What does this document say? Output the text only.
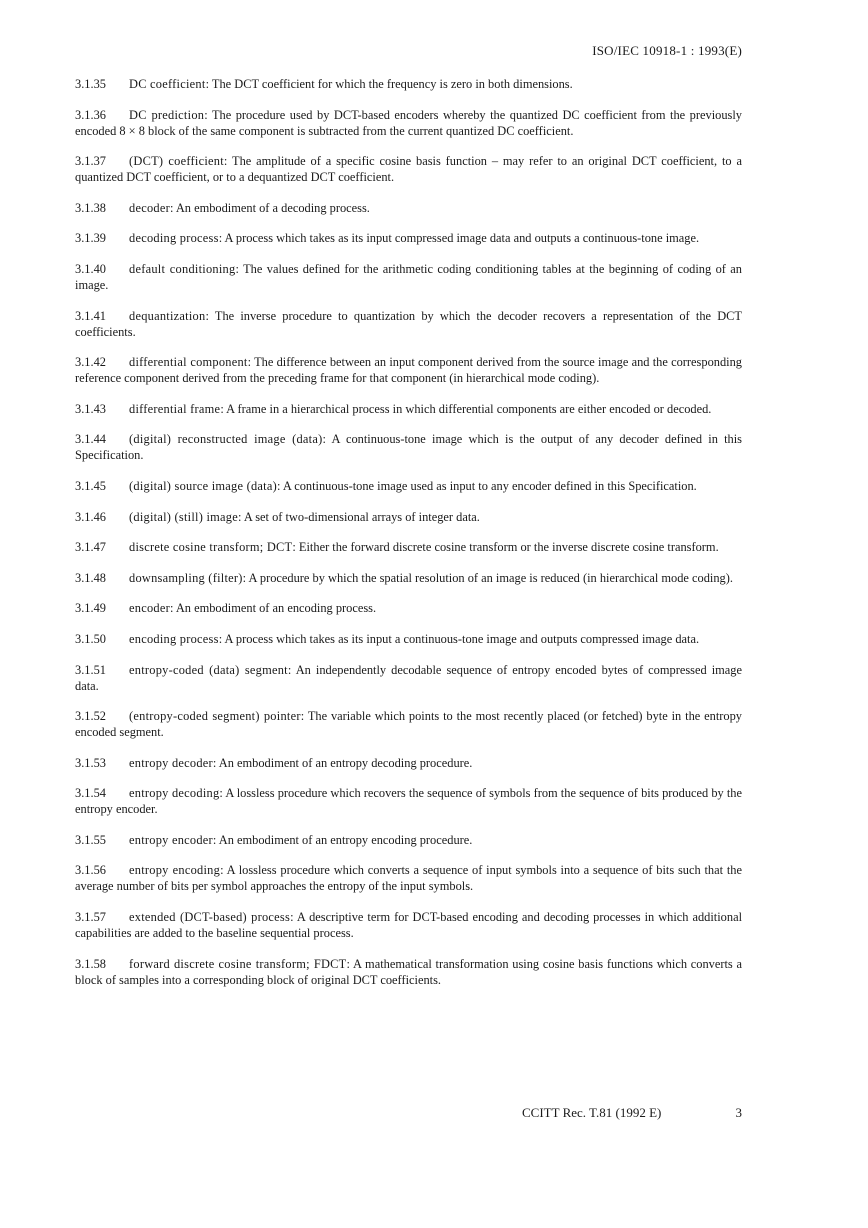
ISO/IEC 10918-1 : 1993(E)

3.1.35 DC coefficient: The DCT coefficient for which the frequency is zero in both dimensions.

3.1.36 DC prediction: The procedure used by DCT-based encoders whereby the quantized DC coefficient from the previously encoded 8 × 8 block of the same component is subtracted from the current quantized DC coefficient.

3.1.37 (DCT) coefficient: The amplitude of a specific cosine basis function – may refer to an original DCT coefficient, to a quantized DCT coefficient, or to a dequantized DCT coefficient.

3.1.38 decoder: An embodiment of a decoding process.

3.1.39 decoding process: A process which takes as its input compressed image data and outputs a continuous-tone image.

3.1.40 default conditioning: The values defined for the arithmetic coding conditioning tables at the beginning of coding of an image.

3.1.41 dequantization: The inverse procedure to quantization by which the decoder recovers a representation of the DCT coefficients.

3.1.42 differential component: The difference between an input component derived from the source image and the corresponding reference component derived from the preceding frame for that component (in hierarchical mode coding).

3.1.43 differential frame: A frame in a hierarchical process in which differential components are either encoded or decoded.

3.1.44 (digital) reconstructed image (data): A continuous-tone image which is the output of any decoder defined in this Specification.

3.1.45 (digital) source image (data): A continuous-tone image used as input to any encoder defined in this Specification.

3.1.46 (digital) (still) image: A set of two-dimensional arrays of integer data.

3.1.47 discrete cosine transform; DCT: Either the forward discrete cosine transform or the inverse discrete cosine transform.

3.1.48 downsampling (filter): A procedure by which the spatial resolution of an image is reduced (in hierarchical mode coding).

3.1.49 encoder: An embodiment of an encoding process.

3.1.50 encoding process: A process which takes as its input a continuous-tone image and outputs compressed image data.

3.1.51 entropy-coded (data) segment: An independently decodable sequence of entropy encoded bytes of compressed image data.

3.1.52 (entropy-coded segment) pointer: The variable which points to the most recently placed (or fetched) byte in the entropy encoded segment.

3.1.53 entropy decoder: An embodiment of an entropy decoding procedure.

3.1.54 entropy decoding: A lossless procedure which recovers the sequence of symbols from the sequence of bits produced by the entropy encoder.

3.1.55 entropy encoder: An embodiment of an entropy encoding procedure.

3.1.56 entropy encoding: A lossless procedure which converts a sequence of input symbols into a sequence of bits such that the average number of bits per symbol approaches the entropy of the input symbols.

3.1.57 extended (DCT-based) process: A descriptive term for DCT-based encoding and decoding processes in which additional capabilities are added to the baseline sequential process.

3.1.58 forward discrete cosine transform; FDCT: A mathematical transformation using cosine basis functions which converts a block of samples into a corresponding block of original DCT coefficients.

CCITT Rec. T.81 (1992 E)	3
